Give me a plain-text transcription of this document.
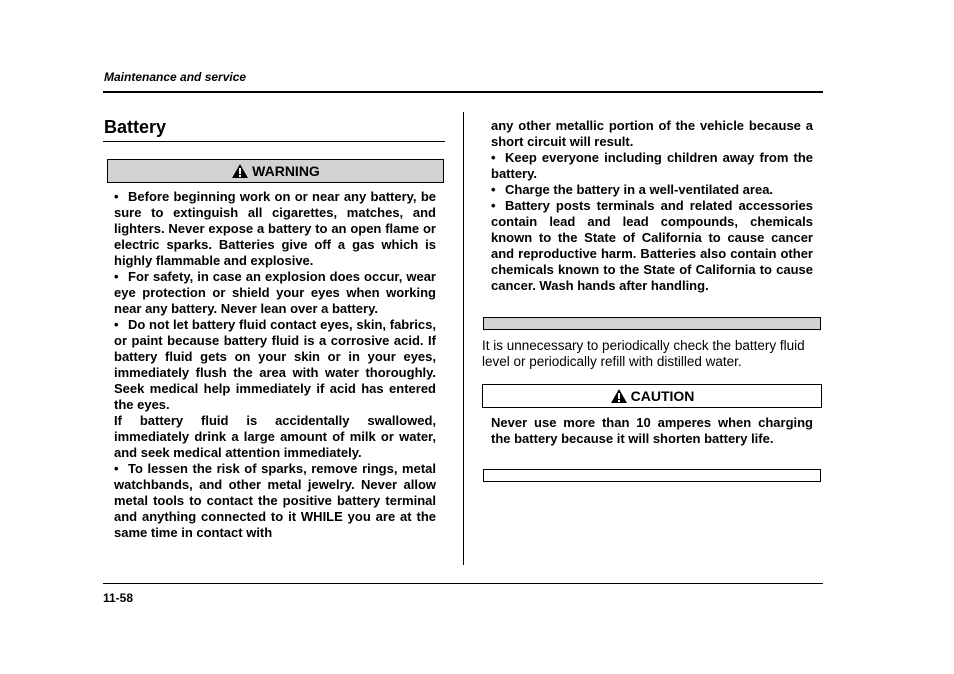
Maintenance and service
Battery
WARNING

• Before beginning work on or near any battery, be sure to extinguish all cigarettes, matches, and lighters. Never expose a battery to an open flame or electric sparks. Batteries give off a gas which is highly flammable and explosive.

• For safety, in case an explosion does occur, wear eye protection or shield your eyes when working near any battery. Never lean over a battery.

• Do not let battery fluid contact eyes, skin, fabrics, or paint because battery fluid is a corrosive acid. If battery fluid gets on your skin or in your eyes, immediately flush the area with water thoroughly. Seek medical help immediately if acid has entered the eyes.

If battery fluid is accidentally swallowed, immediately drink a large amount of milk or water, and seek medical attention immediately.

• To lessen the risk of sparks, remove rings, metal watchbands, and other metal jewelry. Never allow metal tools to contact the positive battery terminal and anything connected to it WHILE you are at the same time in contact with

any other metallic portion of the vehicle because a short circuit will result.

• Keep everyone including children away from the battery.

• Charge the battery in a well-ventilated area.

• Battery posts terminals and related accessories contain lead and lead compounds, chemicals known to the State of California to cause cancer and reproductive harm. Batteries also contain other chemicals known to the State of California to cause cancer. Wash hands after handling.

It is unnecessary to periodically check the battery fluid level or periodically refill with distilled water.

CAUTION

Never use more than 10 amperes when charging the battery because it will shorten battery life.

11-58
